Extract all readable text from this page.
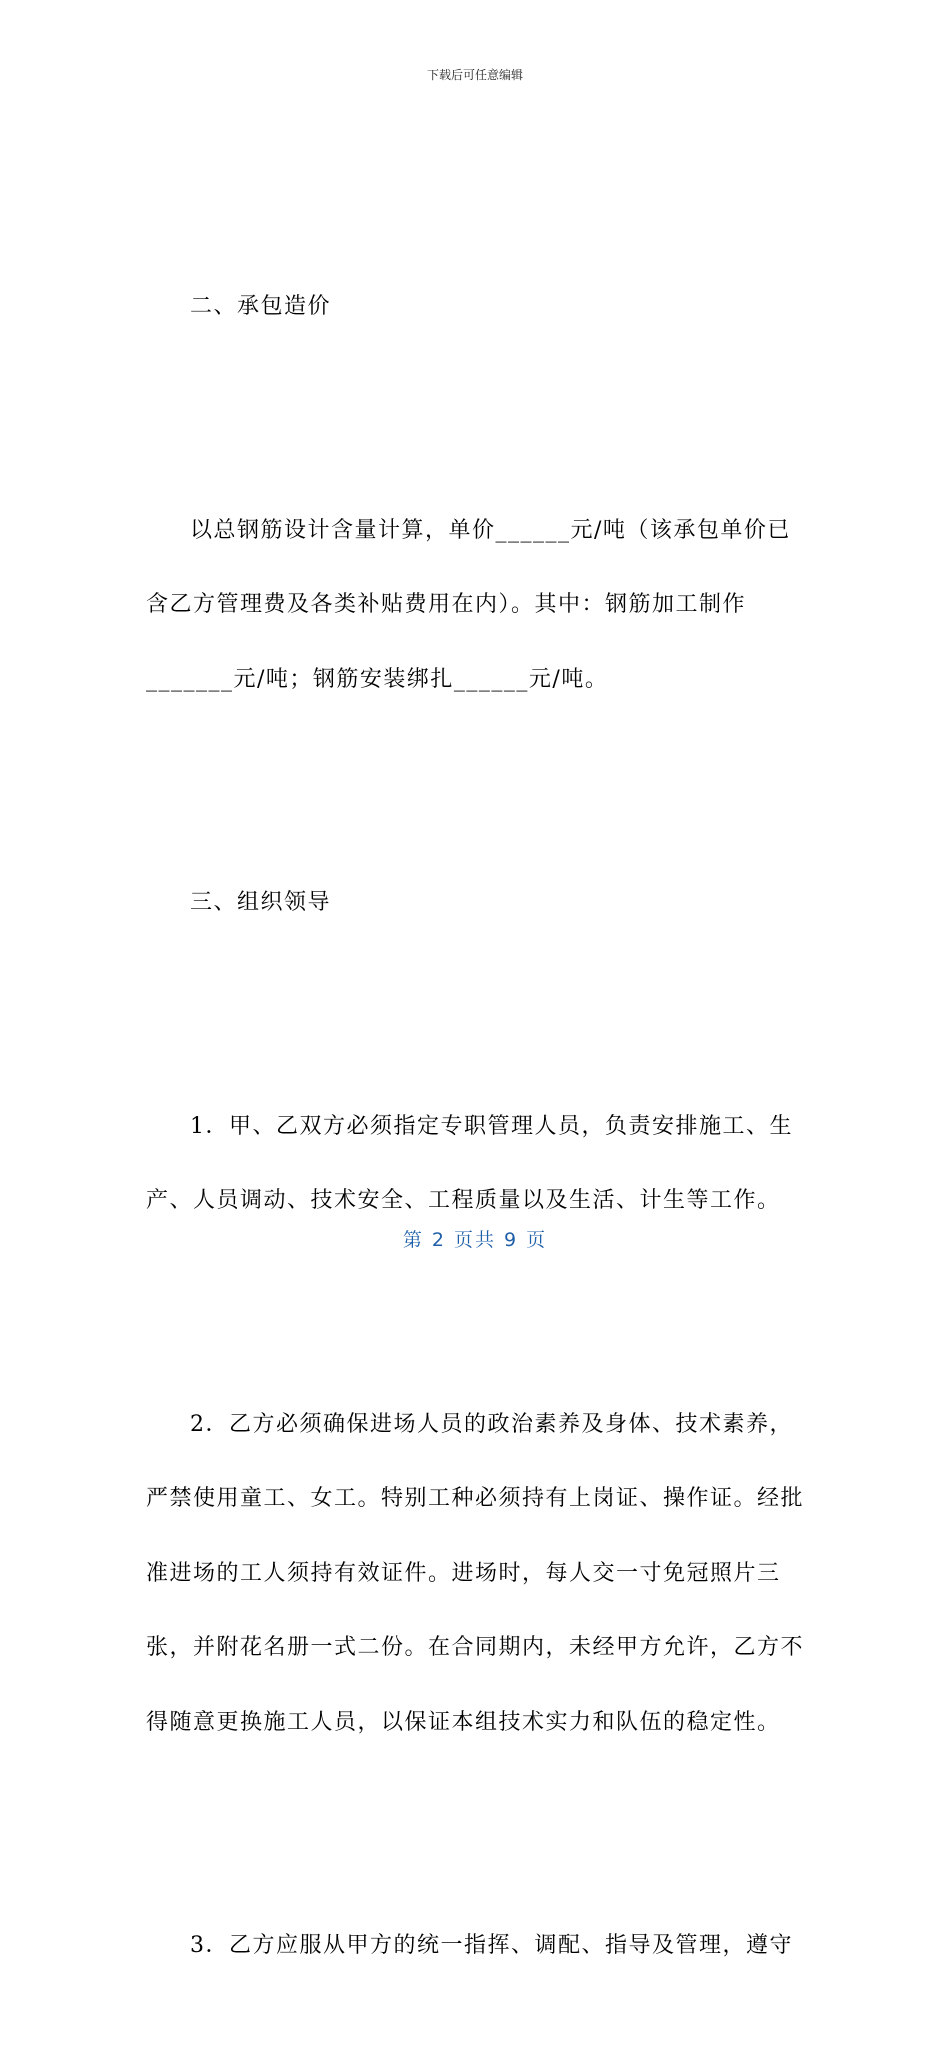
下载后可任意编辑

二、承包造价

以总钢筋设计含量计算，单价______元/吨（该承包单价已含乙方管理费及各类补贴费用在内）。其中：钢筋加工制作_______元/吨；钢筋安装绑扎______元/吨。

三、组织领导

1．甲、乙双方必须指定专职管理人员，负责安排施工、生产、人员调动、技术安全、工程质量以及生活、计生等工作。

2．乙方必须确保进场人员的政治素养及身体、技术素养，严禁使用童工、女工。特别工种必须持有上岗证、操作证。经批准进场的工人须持有效证件。进场时，每人交一寸免冠照片三张，并附花名册一式二份。在合同期内，未经甲方允许，乙方不得随意更换施工人员，以保证本组技术实力和队伍的稳定性。

3．乙方应服从甲方的统一指挥、调配、指导及管理，遵守

第 2 页共 9 页
